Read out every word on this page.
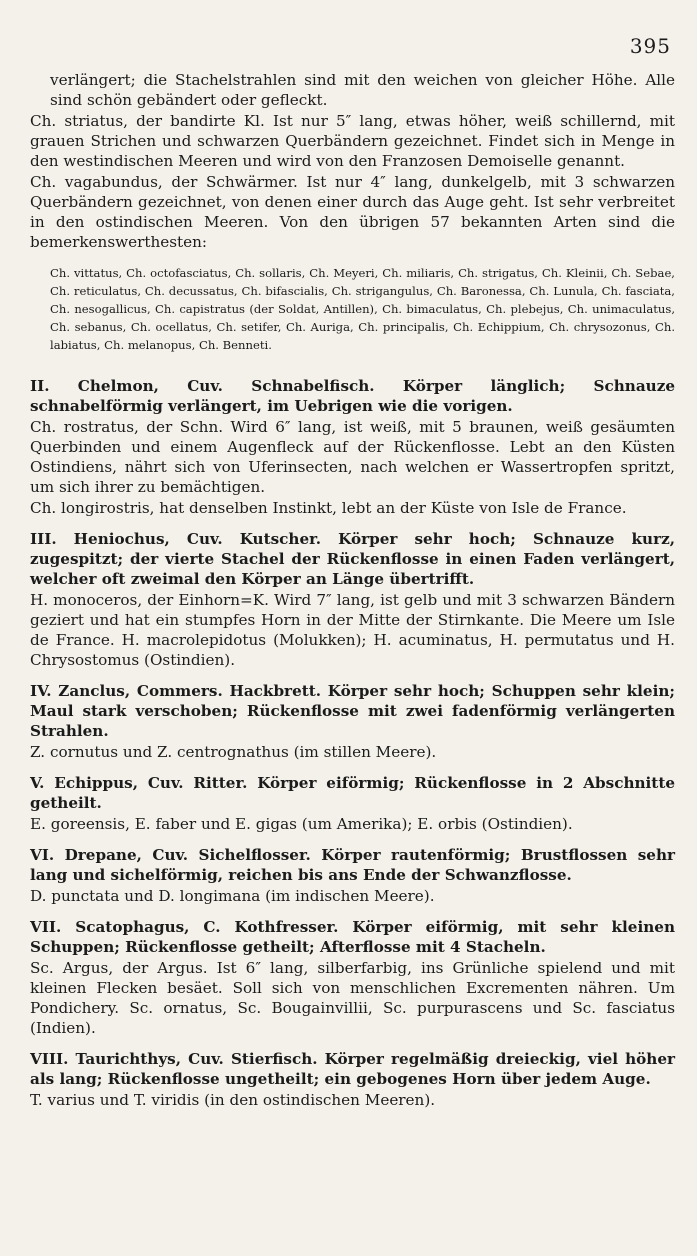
395

verlängert; die Stachelstrahlen sind mit den weichen von gleicher Höhe. Alle sind schön gebändert oder gefleckt.

Ch. striatus, der bandirte Kl. Ist nur 5″ lang, etwas höher, weiß schillernd, mit grauen Strichen und schwarzen Querbändern gezeichnet. Findet sich in Menge in den westindischen Meeren und wird von den Franzosen Demoiselle genannt.

Ch. vagabundus, der Schwärmer. Ist nur 4″ lang, dunkelgelb, mit 3 schwarzen Querbändern gezeichnet, von denen einer durch das Auge geht. Ist sehr verbreitet in den ostindischen Meeren. Von den übrigen 57 bekannten Arten sind die bemerkenswerthesten:

Ch. vittatus, Ch. octofasciatus, Ch. sollaris, Ch. Meyeri, Ch. miliaris, Ch. strigatus, Ch. Kleinii, Ch. Sebae, Ch. reticulatus, Ch. decussatus, Ch. bifascialis, Ch. strigangulus, Ch. Baronessa, Ch. Lunula, Ch. fasciata, Ch. nesogallicus, Ch. capistratus (der Soldat, Antillen), Ch. bimaculatus, Ch. plebejus, Ch. unimaculatus, Ch. sebanus, Ch. ocellatus, Ch. setifer, Ch. Auriga, Ch. principalis, Ch. Echippium, Ch. chrysozonus, Ch. labiatus, Ch. melanopus, Ch. Benneti.

II. Chelmon, Cuv. Schnabelfisch. Körper länglich; Schnauze schnabelförmig verlängert, im Uebrigen wie die vorigen.

Ch. rostratus, der Schn. Wird 6″ lang, ist weiß, mit 5 braunen, weiß gesäumten Querbinden und einem Augenfleck auf der Rückenflosse. Lebt an den Küsten Ostindiens, nährt sich von Uferinsecten, nach welchen er Wassertropfen spritzt, um sich ihrer zu bemächtigen.

Ch. longirostris, hat denselben Instinkt, lebt an der Küste von Isle de France.

III. Heniochus, Cuv. Kutscher. Körper sehr hoch; Schnauze kurz, zugespitzt; der vierte Stachel der Rückenflosse in einen Faden verlängert, welcher oft zweimal den Körper an Länge übertrifft.

H. monoceros, der Einhorn=K. Wird 7″ lang, ist gelb und mit 3 schwarzen Bändern geziert und hat ein stumpfes Horn in der Mitte der Stirnkante. Die Meere um Isle de France. H. macrolepidotus (Molukken); H. acuminatus, H. permutatus und H. Chrysostomus (Ostindien).

IV. Zanclus, Commers. Hackbrett. Körper sehr hoch; Schuppen sehr klein; Maul stark verschoben; Rückenflosse mit zwei fadenförmig verlängerten Strahlen.

Z. cornutus und Z. centrognathus (im stillen Meere).

V. Echippus, Cuv. Ritter. Körper eiförmig; Rückenflosse in 2 Abschnitte getheilt.

E. goreensis, E. faber und E. gigas (um Amerika); E. orbis (Ostindien).

VI. Drepane, Cuv. Sichelflosser. Körper rautenförmig; Brustflossen sehr lang und sichelförmig, reichen bis ans Ende der Schwanzflosse.

D. punctata und D. longimana (im indischen Meere).

VII. Scatophagus, C. Kothfresser. Körper eiförmig, mit sehr kleinen Schuppen; Rückenflosse getheilt; Afterflosse mit 4 Stacheln.

Sc. Argus, der Argus. Ist 6″ lang, silberfarbig, ins Grünliche spielend und mit kleinen Flecken besäet. Soll sich von menschlichen Excrementen nähren. Um Pondichery. Sc. ornatus, Sc. Bougainvillii, Sc. purpurascens und Sc. fasciatus (Indien).

VIII. Taurichthys, Cuv. Stierfisch. Körper regelmäßig dreieckig, viel höher als lang; Rückenflosse ungetheilt; ein gebogenes Horn über jedem Auge.

T. varius und T. viridis (in den ostindischen Meeren).
